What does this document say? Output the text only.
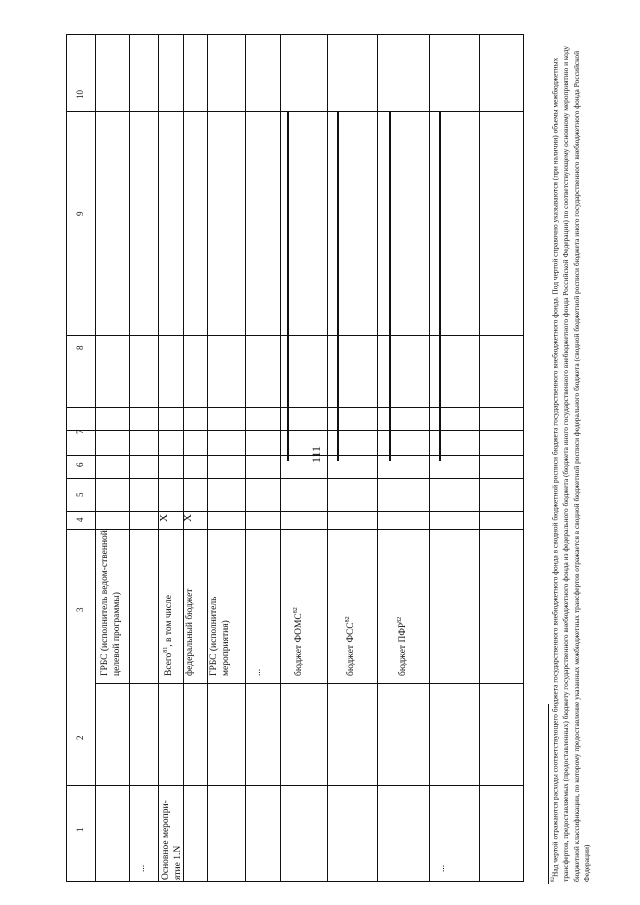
111
1
2
3
4
5
6
7
8
9
10
ГРБС (исполнитель ведом-ственной целевой программы)
... Основное меропри-ятие 1.N
Всего$^{81}$, в том числе федеральный бюджет ГРБС (исполнитель мероприятия) ...	бюджет ФОМС$^{82}$
бюджет ФСС$^{82}$
бюджет ПФР$^{82}$
...
Х Х
$^{82}$Над чертой отражаются расходы соответствующего бюджета государственного внебюджетного фонда в сводной бюджетной росписи бюджета государственного внебюджетного фонда. Под чертой справочно указываются (при наличии) объемы межбюджетных трансфертов, предоставляемых (предоставленных) бюджету государственного внебюджетного фонда из федерального бюджета (бюджета иного государственного внебюджетного фонда Российской Федерации) по соответствующему основному мероприятию и коду бюджетной классификации, по которому предоставление указанных межбюджетных трансфертов отражается в сводной бюджетной росписи федерального бюджета (сводной бюджетной росписи бюджета иного государственного внебюджетного фонда Российской Федерации)
